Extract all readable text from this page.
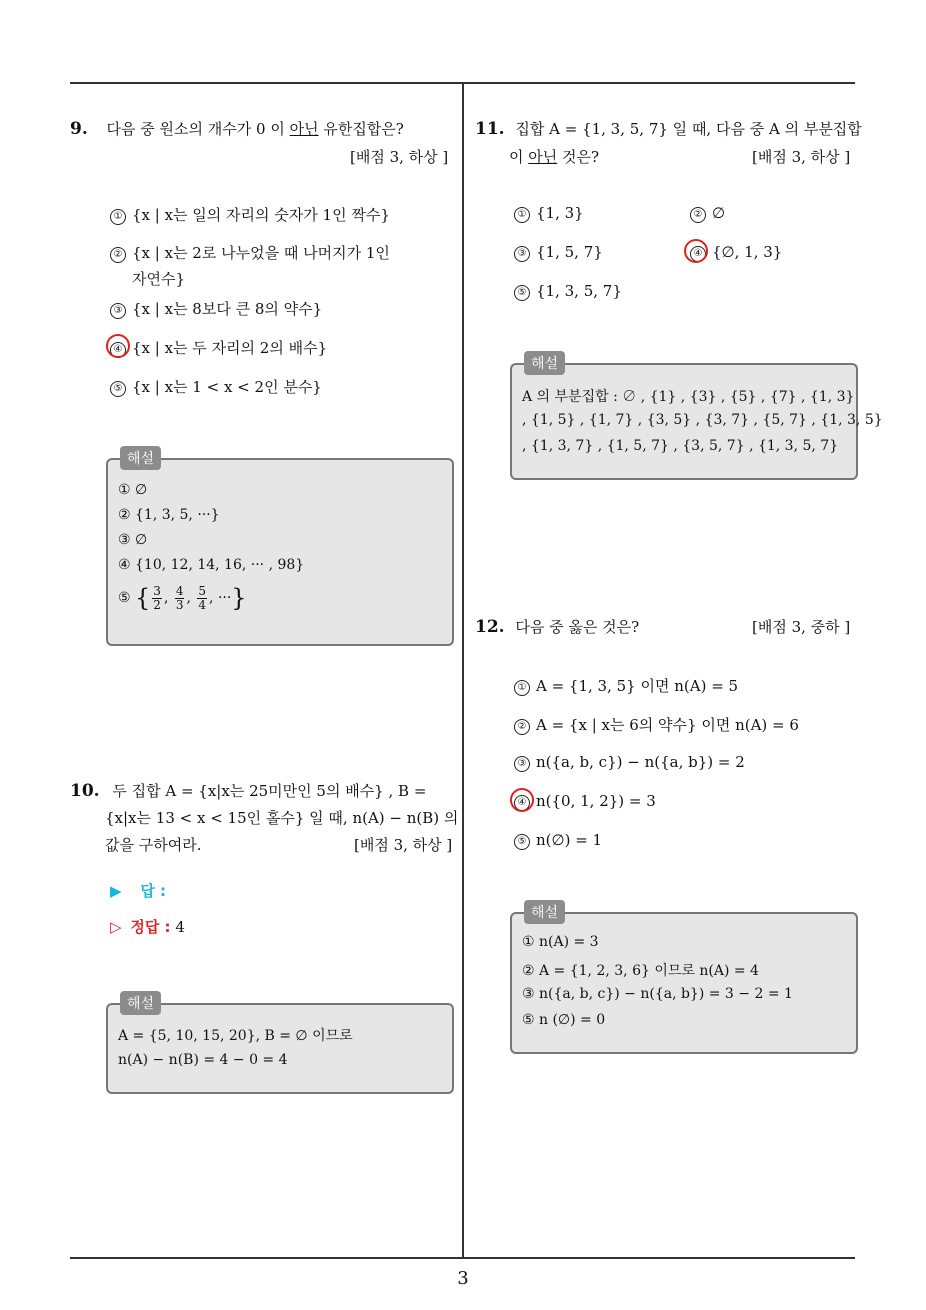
9. 다음 중 원소의 개수가 0 이 아닌 유한집합은?
[배점 3, 하상 ]
① {x | x는 일의 자리의 숫자가 1인 짝수}
② {x | x는 2로 나누었을 때 나머지가 1인
자연수}
③ {x | x는 8보다 큰 8의 약수}
④ {x | x는 두 자리의 2의 배수}
⑤ {x | x는 1 < x < 2인 분수}
해설
① ∅
② {1, 3, 5, ···}
③ ∅
④ {10, 12, 14, 16, ··· , 98}
⑤ { $\frac{3}{2}$ , $\frac{4}{3}$ , $\frac{5}{4}$ , ···}
10. 두 집합 A = {x|x는 25미만인 5의 배수} , B =
{x|x는 13 < x < 15인 홀수} 일 때, n(A) − n(B) 의
값을 구하여라.	[배점 3, 하상 ]
▶ 답 :
▷ 정답 : 4
해설
A = {5, 10, 15, 20}, B = ∅ 이므로
n(A) − n(B) = 4 − 0 = 4
11. 집합 A = {1, 3, 5, 7} 일 때, 다음 중 A 의 부분집합
이 아닌 것은?	[배점 3, 하상 ]
① {1, 3}	② ∅
③ {1, 5, 7}	④ {∅, 1, 3}
⑤ {1, 3, 5, 7}
해설
A 의 부분집합 : ∅ , {1} , {3} , {5} , {7} , {1, 3}
, {1, 5} , {1, 7} , {3, 5} , {3, 7} , {5, 7} , {1, 3, 5}
, {1, 3, 7} , {1, 5, 7} , {3, 5, 7} , {1, 3, 5, 7}
12. 다음 중 옳은 것은?	[배점 3, 중하 ]
① A = {1, 3, 5} 이면 n(A) = 5
② A = {x | x는 6의 약수} 이면 n(A) = 6
③ n({a, b, c}) − n({a, b}) = 2
④ n({0, 1, 2}) = 3
⑤ n(∅) = 1
해설
① n(A) = 3
② A = {1, 2, 3, 6} 이므로 n(A) = 4
③ n({a, b, c}) − n({a, b}) = 3 − 2 = 1
⑤ n (∅) = 0
3
